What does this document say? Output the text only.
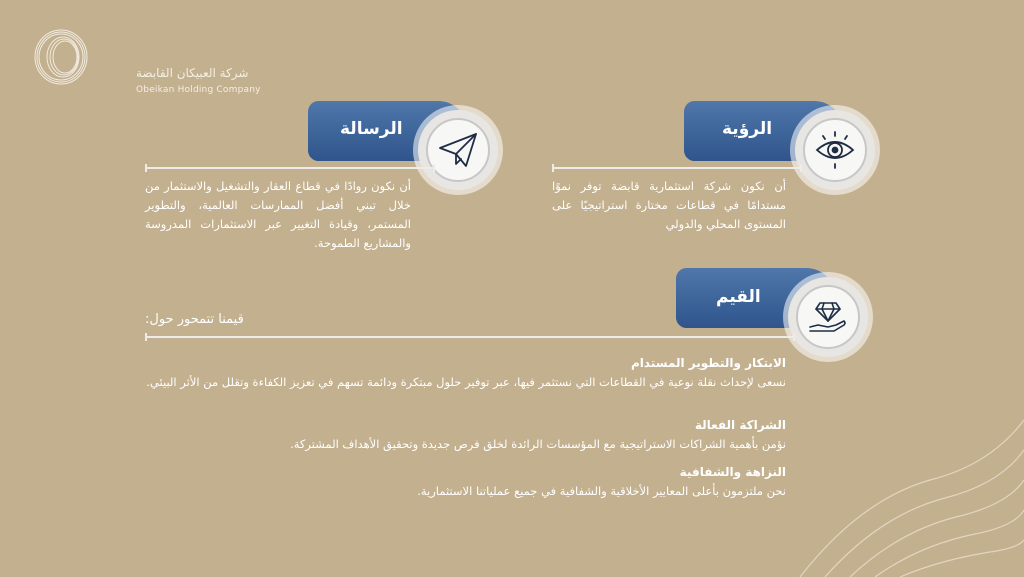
شركة العبيكان القابضة
Obeikan Holding Company
الرؤية
أن نكون شركة استثمارية قابضة توفر نموًا مستدامًا في قطاعات مختارة استراتيجيًا على المستوى المحلي والدولي
الرسالة
أن نكون روادًا في قطاع العقار والتشغيل والاستثمار من خلال تبني أفضل الممارسات العالمية، والتطوير المستمر، وقيادة التغيير عبر الاستثمارات المدروسة والمشاريع الطموحة.
القيم
قيمنا تتمحور حول:
الابتكار والتطوير المستدام
نسعى لإحداث نقلة نوعية في القطاعات التي نستثمر فيها، عبر توفير حلول مبتكرة ودائمة تسهم في تعزيز الكفاءة وتقلل من الأثر البيئي.
الشراكة الفعالة
نؤمن بأهمية الشراكات الاستراتيجية مع المؤسسات الرائدة لخلق فرص جديدة وتحقيق الأهداف المشتركة.
النزاهة والشفافية
نحن ملتزمون بأعلى المعايير الأخلاقية والشفافية في جميع عملياتنا الاستثمارية.
